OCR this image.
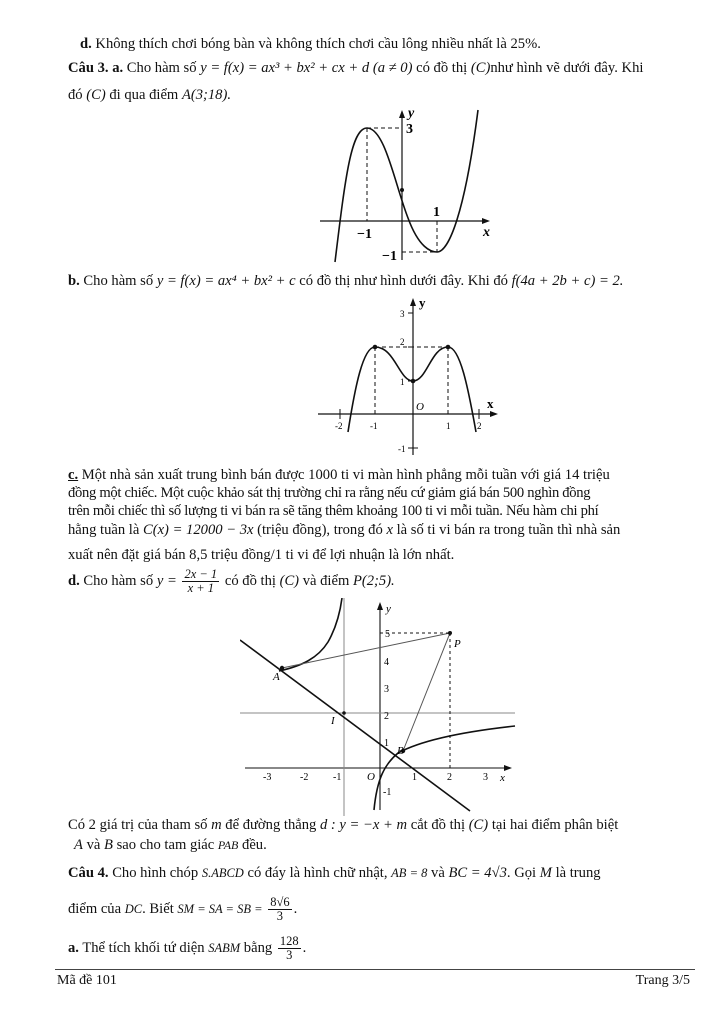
d. Không thích chơi bóng bàn và không thích chơi cầu lông nhiều nhất là 25%.
Câu 3. a. Cho hàm số y = f(x) = ax³ + bx² + cx + d (a ≠ 0) có đồ thị (C)như hình vẽ dưới đây. Khi
đó (C) đi qua điểm A(3;18).
y
x
3
−1
−1
1
b. Cho hàm số y = f(x) = ax⁴ + bx² + c có đồ thị như hình dưới đây. Khi đó f(4a + 2b + c) = 2.
y
x
O
3
2
1
-1
-2	-1	1	2
c. Một nhà sản xuất trung bình bán được 1000 ti vi màn hình phẳng mỗi tuần với giá 14 triệu
đồng một chiếc. Một cuộc khảo sát thị trường chỉ ra rằng nếu cứ giảm giá bán 500 nghìn đồng
trên mỗi chiếc thì số lượng ti vi bán ra sẽ tăng thêm khoảng 100 ti vi mỗi tuần. Nếu hàm chi phí
hằng tuần là C(x) = 12000 − 3x (triệu đồng), trong đó x là số ti vi bán ra trong tuần thì nhà sản
xuất nên đặt giá bán 8,5 triệu đồng/1 ti vi để lợi nhuận là lớn nhất.
d. Cho hàm số $y = \frac{2x - 1}{x + 1}$ có đồ thị (C) và điểm P(2;5).
y
x
O
P
A
B
I
5
4
3
2
1
-1
-3	-2 -1	1	2	3
Có 2 giá trị của tham số m để đường thẳng d : y = −x + m cắt đồ thị (C) tại hai điểm phân biệt
A và B sao cho tam giác PAB đều.
Câu 4. Cho hình chóp S.ABCD có đáy là hình chữ nhật, AB = 8 và BC = 4√3. Gọi M là trung
điểm của DC. Biết SM = SA = SB = $\frac{8√6}{3}$ .
a. Thể tích khối tứ diện SABM bằng $\frac{128}{3}$ .
Mã đề 101	Trang 3/5
